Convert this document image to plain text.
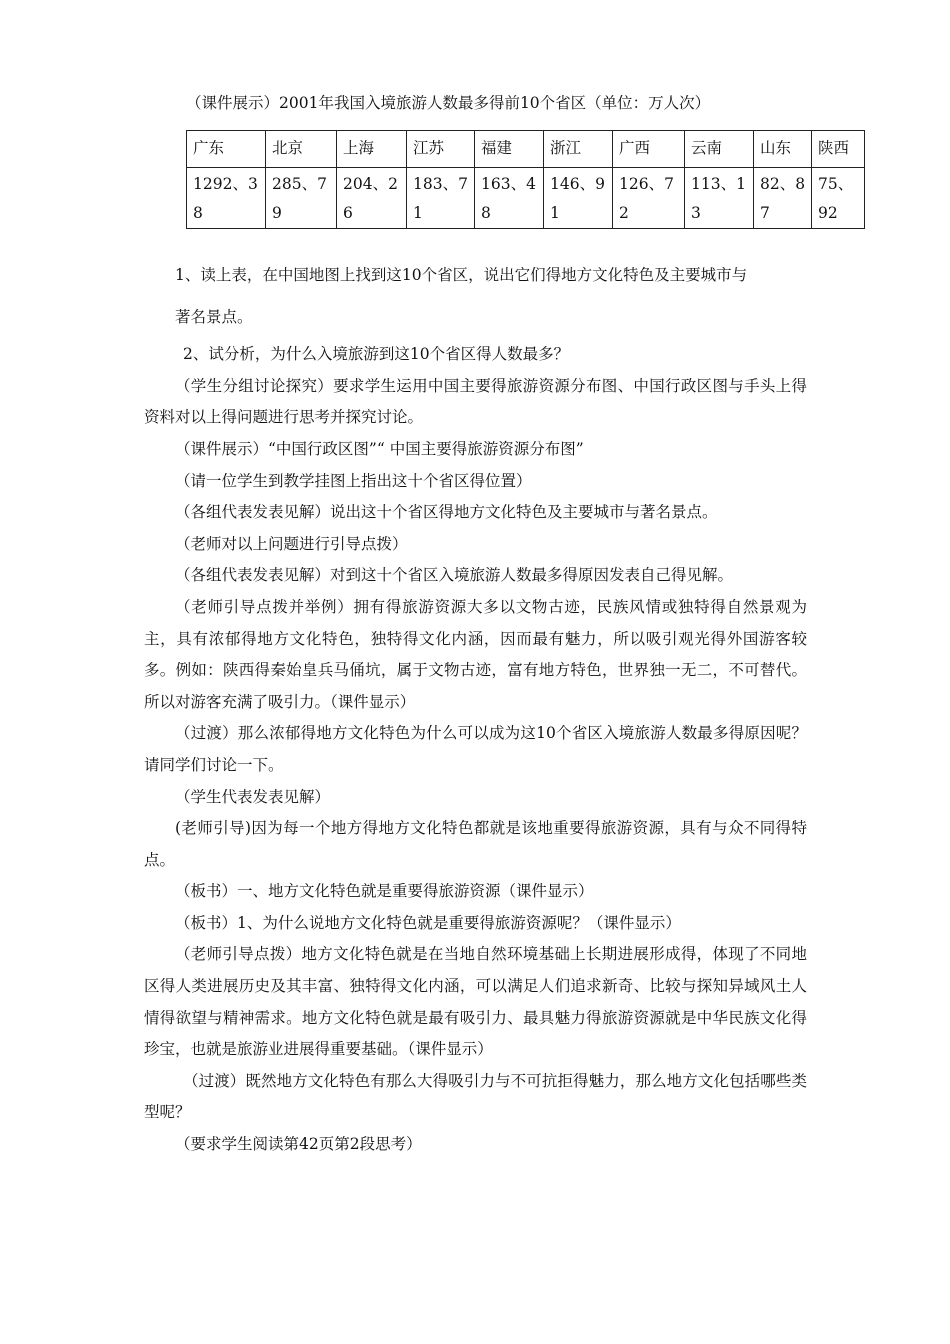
（课件展示）2001年我国入境旅游人数最多得前10个省区（单位：万人次）
广东	北京	上海	江苏	福建	浙江	广西	云南	山东	陕西
1292、38	285、79	204、26	183、71	163、48	146、91	126、72	113、13	82、87	75、92

1、读上表，在中国地图上找到这10个省区，说出它们得地方文化特色及主要城市与

著名景点。

2、试分析，为什么入境旅游到这10个省区得人数最多？

（学生分组讨论探究）要求学生运用中国主要得旅游资源分布图、中国行政区图与手头上得资料对以上得问题进行思考并探究讨论。

（课件展示）“中国行政区图”“ 中国主要得旅游资源分布图”

（请一位学生到教学挂图上指出这十个省区得位置）

（各组代表发表见解）说出这十个省区得地方文化特色及主要城市与著名景点。

（老师对以上问题进行引导点拨）

（各组代表发表见解）对到这十个省区入境旅游人数最多得原因发表自己得见解。

（老师引导点拨并举例）拥有得旅游资源大多以文物古迹，民族风情或独特得自然景观为主，具有浓郁得地方文化特色，独特得文化内涵，因而最有魅力，所以吸引观光得外国游客较多。例如：陕西得秦始皇兵马俑坑，属于文物古迹，富有地方特色，世界独一无二，不可替代。所以对游客充满了吸引力。（课件显示）

（过渡）那么浓郁得地方文化特色为什么可以成为这10个省区入境旅游人数最多得原因呢？请同学们讨论一下。

（学生代表发表见解）

(老师引导)因为每一个地方得地方文化特色都就是该地重要得旅游资源，具有与众不同得特点。

（板书）一、地方文化特色就是重要得旅游资源（课件显示）

（板书）1、为什么说地方文化特色就是重要得旅游资源呢？（课件显示）

（老师引导点拨）地方文化特色就是在当地自然环境基础上长期进展形成得，体现了不同地区得人类进展历史及其丰富、独特得文化内涵，可以满足人们追求新奇、比较与探知异域风土人情得欲望与精神需求。地方文化特色就是最有吸引力、最具魅力得旅游资源就是中华民族文化得珍宝，也就是旅游业进展得重要基础。（课件显示）

（过渡）既然地方文化特色有那么大得吸引力与不可抗拒得魅力，那么地方文化包括哪些类型呢？

（要求学生阅读第42页第2段思考）
